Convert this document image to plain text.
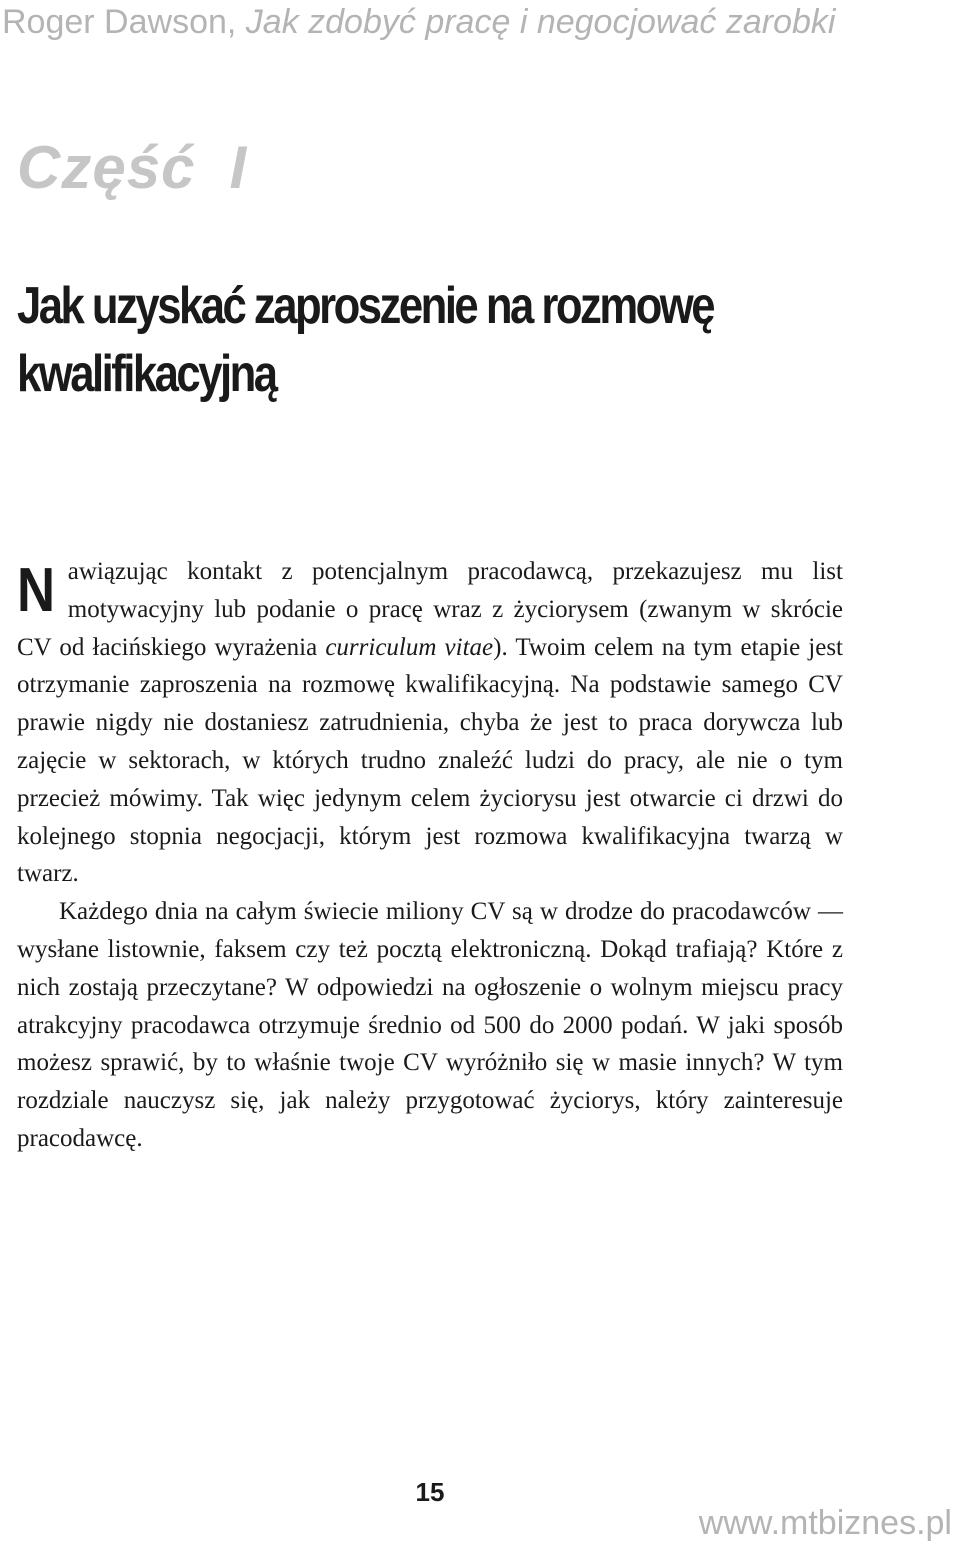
Roger Dawson, Jak zdobyć pracę i negocjować zarobki
Część I
Jak uzyskać zaproszenie na rozmowę kwalifikacyjną

Nawiązując kontakt z potencjalnym pracodawcą, przekazujesz mu list motywacyjny lub podanie o pracę wraz z życiorysem (zwanym w skrócie CV od łacińskiego wyrażenia curriculum vitae). Twoim celem na tym etapie jest otrzymanie zaproszenia na rozmowę kwalifikacyjną. Na podstawie samego CV prawie nigdy nie dostaniesz zatrudnienia, chyba że jest to praca dorywcza lub zajęcie w sektorach, w których trudno znaleźć ludzi do pracy, ale nie o tym przecież mówimy. Tak więc jedynym celem życiorysu jest otwarcie ci drzwi do kolejnego stopnia negocjacji, którym jest rozmowa kwalifikacyjna twarzą w twarz.

Każdego dnia na całym świecie miliony CV są w drodze do pracodawców — wysłane listownie, faksem czy też pocztą elektroniczną. Dokąd trafiają? Które z nich zostają przeczytane? W odpowiedzi na ogłoszenie o wolnym miejscu pracy atrakcyjny pracodawca otrzymuje średnio od 500 do 2000 podań. W jaki sposób możesz sprawić, by to właśnie twoje CV wyróżniło się w masie innych? W tym rozdziale nauczysz się, jak należy przygotować życiorys, który zainteresuje pracodawcę.

15
www.mtbiznes.pl
